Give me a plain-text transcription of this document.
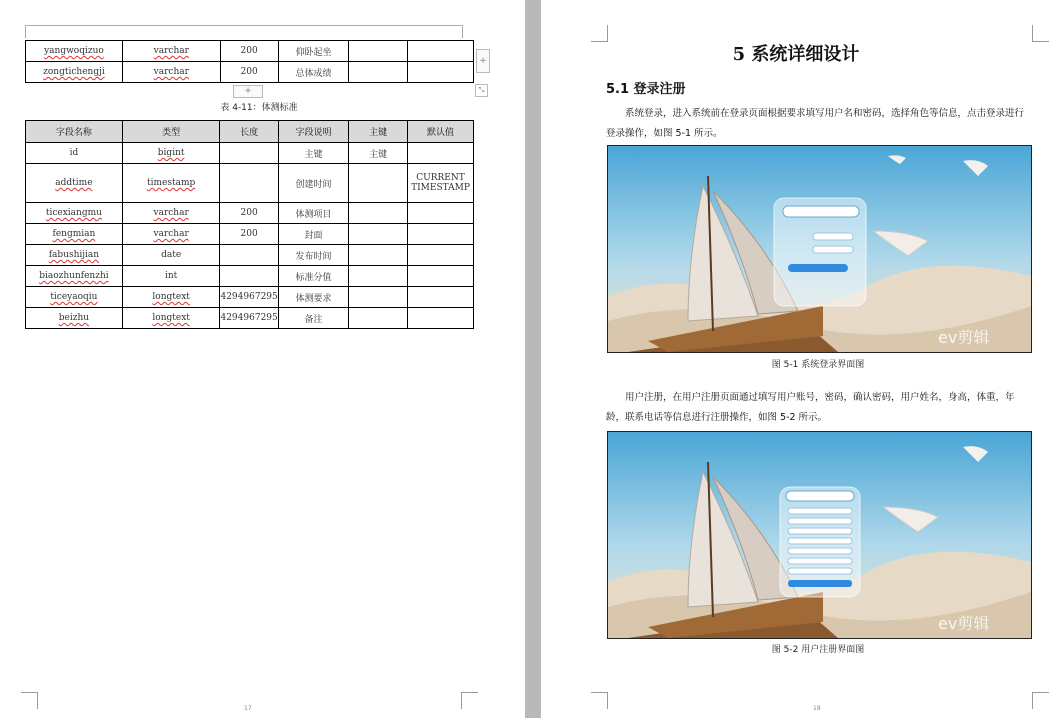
yangwoqizuo	varchar	200	仰卧起坐		
zongtichengji	varchar	200	总体成绩		
+
⤡
+
表 4-11：体测标准
字段名称	类型	长度	字段说明	主键	默认值
id	bigint		主键	主键	
addtime	timestamp		创建时间		CURRENT TIMESTAMP
ticexiangmu	varchar	200	体测项目		
fengmian	varchar	200	封面		
fabushijian	date		发布时间		
biaozhunfenzhi	int		标准分值		
ticeyaoqiu	longtext	4294967295	体测要求		
beizhu	longtext	4294967295	备注		
17
5 系统详细设计
5.1 登录注册

系统登录，进入系统前在登录页面根据要求填写用户名和密码，选择角色等信息，点击登录进行登录操作，如图 5-1 所示。

ev剪辑
图 5-1 系统登录界面图

用户注册，在用户注册页面通过填写用户账号，密码，确认密码，用户姓名，身高，体重，年龄，联系电话等信息进行注册操作，如图 5-2 所示。

ev剪辑
图 5-2 用户注册界面图
18
